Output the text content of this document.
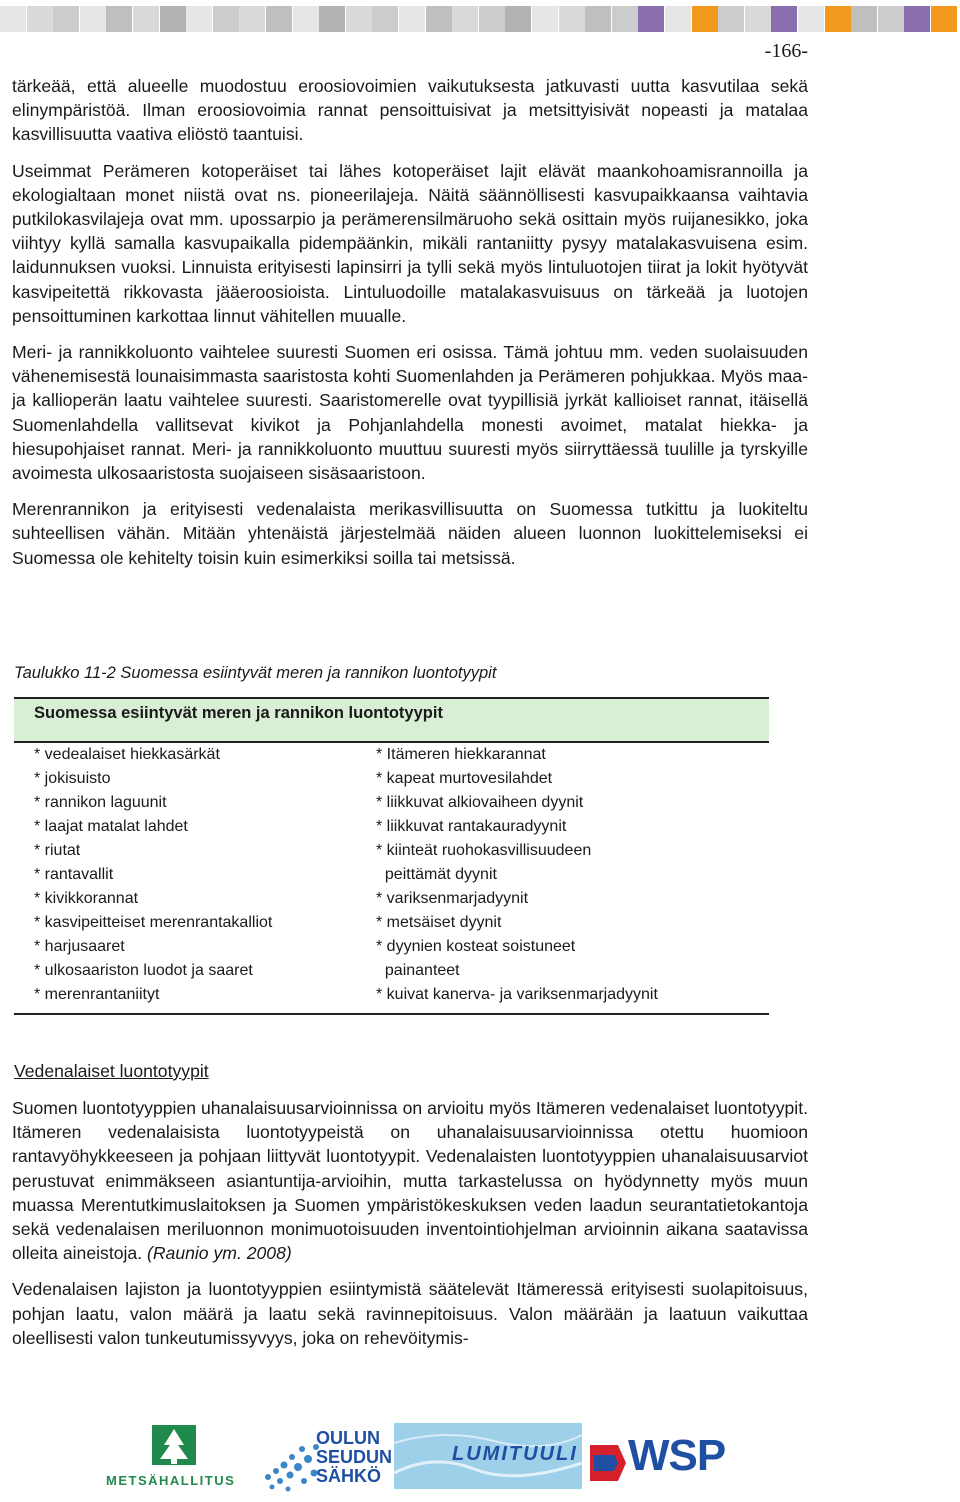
-166-

tärkeää, että alueelle muodostuu eroosiovoimien vaikutuksesta jatkuvasti uutta kasvutilaa sekä elinympäristöä. Ilman eroosiovoimia rannat pensoittuisivat ja metsittyisivät nopeasti ja matalaa kasvillisuutta vaativa eliöstö taantuisi.

Useimmat Perämeren kotoperäiset tai lähes kotoperäiset lajit elävät maankohoamisrannoilla ja ekologialtaan monet niistä ovat ns. pioneerilajeja. Näitä säännöllisesti kasvupaikkaansa vaihtavia putkilokasvilajeja ovat mm. upossarpio ja perämerensilmäruoho sekä osittain myös ruijanesikko, joka viihtyy kyllä samalla kasvupaikalla pidempäänkin, mikäli rantaniitty pysyy matalakasvuisena esim. laidunnuksen vuoksi. Linnuista erityisesti lapinsirri ja tylli sekä myös lintuluotojen tiirat ja lokit hyötyvät kasvipeitettä rikkovasta jääeroosioista. Lintuluodoille matalakasvuisuus on tärkeää ja luotojen pensoittuminen karkottaa linnut vähitellen muualle.

Meri- ja rannikkoluonto vaihtelee suuresti Suomen eri osissa. Tämä johtuu mm. veden suolaisuuden vähenemisestä lounaisimmasta saaristosta kohti Suomenlahden ja Perämeren pohjukkaa. Myös maa- ja kallioperän laatu vaihtelee suuresti. Saaristomerelle ovat tyypillisiä jyrkät kallioiset rannat, itäisellä Suomenlahdella vallitsevat kivikot ja Pohjanlahdella monesti avoimet, matalat hiekka- ja hiesupohjaiset rannat. Meri- ja rannikkoluonto muuttuu suuresti myös siirryttäessä tuulille ja tyrskyille avoimesta ulkosaaristosta suojaiseen sisäsaaristoon.

Merenrannikon ja erityisesti vedenalaista merikasvillisuutta on Suomessa tutkittu ja luokiteltu suhteellisen vähän. Mitään yhtenäistä järjestelmää näiden alueen luonnon luokittelemiseksi ei Suomessa ole kehitelty toisin kuin esimerkiksi soilla tai metsissä.

Taulukko 11-2 Suomessa esiintyvät meren ja rannikon luontotyypit
Suomessa esiintyvät meren ja rannikon luontotyypit
* vedealaiset hiekkasärkät
* jokisuisto
* rannikon laguunit
* laajat matalat lahdet
* riutat
* rantavallit
* kivikkorannat
* kasvipeitteiset merenrantakalliot
* harjusaaret
* ulkosaariston luodot ja saaret
* merenrantaniityt
* Itämeren hiekkarannat
* kapeat murtovesilahdet
* liikkuvat alkiovaiheen dyynit
* liikkuvat rantakauradyynit
* kiinteät ruohokasvillisuudeen
peittämät dyynit
* variksenmarjadyynit
* metsäiset dyynit
* dyynien kosteat soistuneet
painanteet
* kuivat kanerva- ja variksenmarjadyynit
Vedenalaiset luontotyypit

Suomen luontotyyppien uhanalaisuusarvioinnissa on arvioitu myös Itämeren vedenalaiset luontotyypit. Itämeren vedenalaisista luontotyypeistä on uhanalaisuusarvioinnissa otettu huomioon rantavyöhykkeeseen ja pohjaan liittyvät luontotyypit. Vedenalaisten luontotyyppien uhanalaisuusarviot perustuvat enimmäkseen asiantuntija-arvioihin, mutta tarkastelussa on hyödynnetty myös muun muassa Merentutkimuslaitoksen ja Suomen ympäristökeskuksen veden laadun seurantatietokantoja sekä vedenalaisen meriluonnon monimuotoisuuden inventointiohjelman arvioinnin aikana saatavissa olleita aineistoja. (Raunio ym. 2008)

Vedenalaisen lajiston ja luontotyyppien esiintymistä säätelevät Itämeressä erityisesti suolapitoisuus, pohjan laatu, valon määrä ja laatu sekä ravinnepitoisuus. Valon määrään ja laatuun vaikuttaa oleellisesti valon tunkeutumissyvyys, joka on rehevöitymis-

METSÄHALLITUS
OULUN
SEUDUN
SÄHKÖ
LUMITUULI WSP
